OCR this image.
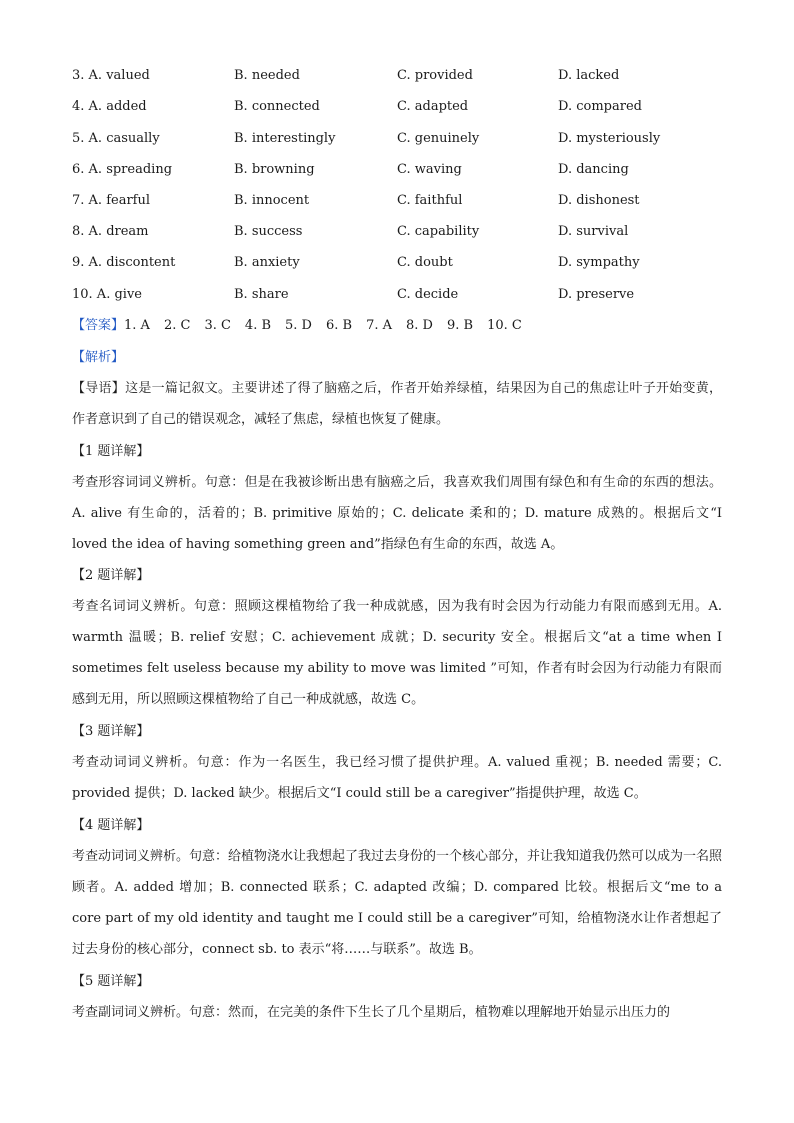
3. A. valued	B. needed	C. provided	D. lacked
4. A. added	B. connected	C. adapted	D. compared
5. A. casually	B. interestingly	C. genuinely	D. mysteriously
6. A. spreading	B. browning	C. waving	D. dancing
7. A. fearful	B. innocent	C. faithful	D. dishonest
8. A. dream	B. success	C. capability	D. survival
9. A. discontent	B. anxiety	C. doubt	D. sympathy
10. A. give	B. share	C. decide	D. preserve
【答案】1. A 2. C 3. C 4. B 5. D 6. B 7. A 8. D 9. B 10. C
【解析】
【导语】这是一篇记叙文。主要讲述了得了脑癌之后，作者开始养绿植，结果因为自己的焦虑让叶子开始变黄，作者意识到了自己的错误观念，减轻了焦虑，绿植也恢复了健康。
【1 题详解】
考查形容词词义辨析。句意：但是在我被诊断出患有脑癌之后，我喜欢我们周围有绿色和有生命的东西的想法。A. alive 有生命的，活着的；B. primitive 原始的；C. delicate 柔和的；D. mature 成熟的。根据后文“I loved the idea of having something green and”指绿色有生命的东西，故选 A。
【2 题详解】
考查名词词义辨析。句意：照顾这棵植物给了我一种成就感，因为我有时会因为行动能力有限而感到无用。A. warmth 温暖；B. relief 安慰；C. achievement 成就；D. security 安全。根据后文“at a time when I sometimes felt useless because my ability to move was limited ”可知，作者有时会因为行动能力有限而感到无用，所以照顾这棵植物给了自己一种成就感，故选 C。
【3 题详解】
考查动词词义辨析。句意：作为一名医生，我已经习惯了提供护理。A. valued 重视；B. needed 需要；C. provided 提供；D. lacked 缺少。根据后文“I could still be a caregiver”指提供护理，故选 C。
【4 题详解】
考查动词词义辨析。句意：给植物浇水让我想起了我过去身份的一个核心部分，并让我知道我仍然可以成为一名照顾者。A. added 增加；B. connected 联系；C. adapted 改编；D. compared 比较。根据后文“me to a core part of my old identity and taught me I could still be a caregiver”可知，给植物浇水让作者想起了过去身份的核心部分，connect sb. to 表示“将……与联系”。故选 B。
【5 题详解】
考查副词词义辨析。句意：然而，在完美的条件下生长了几个星期后，植物难以理解地开始显示出压力的
